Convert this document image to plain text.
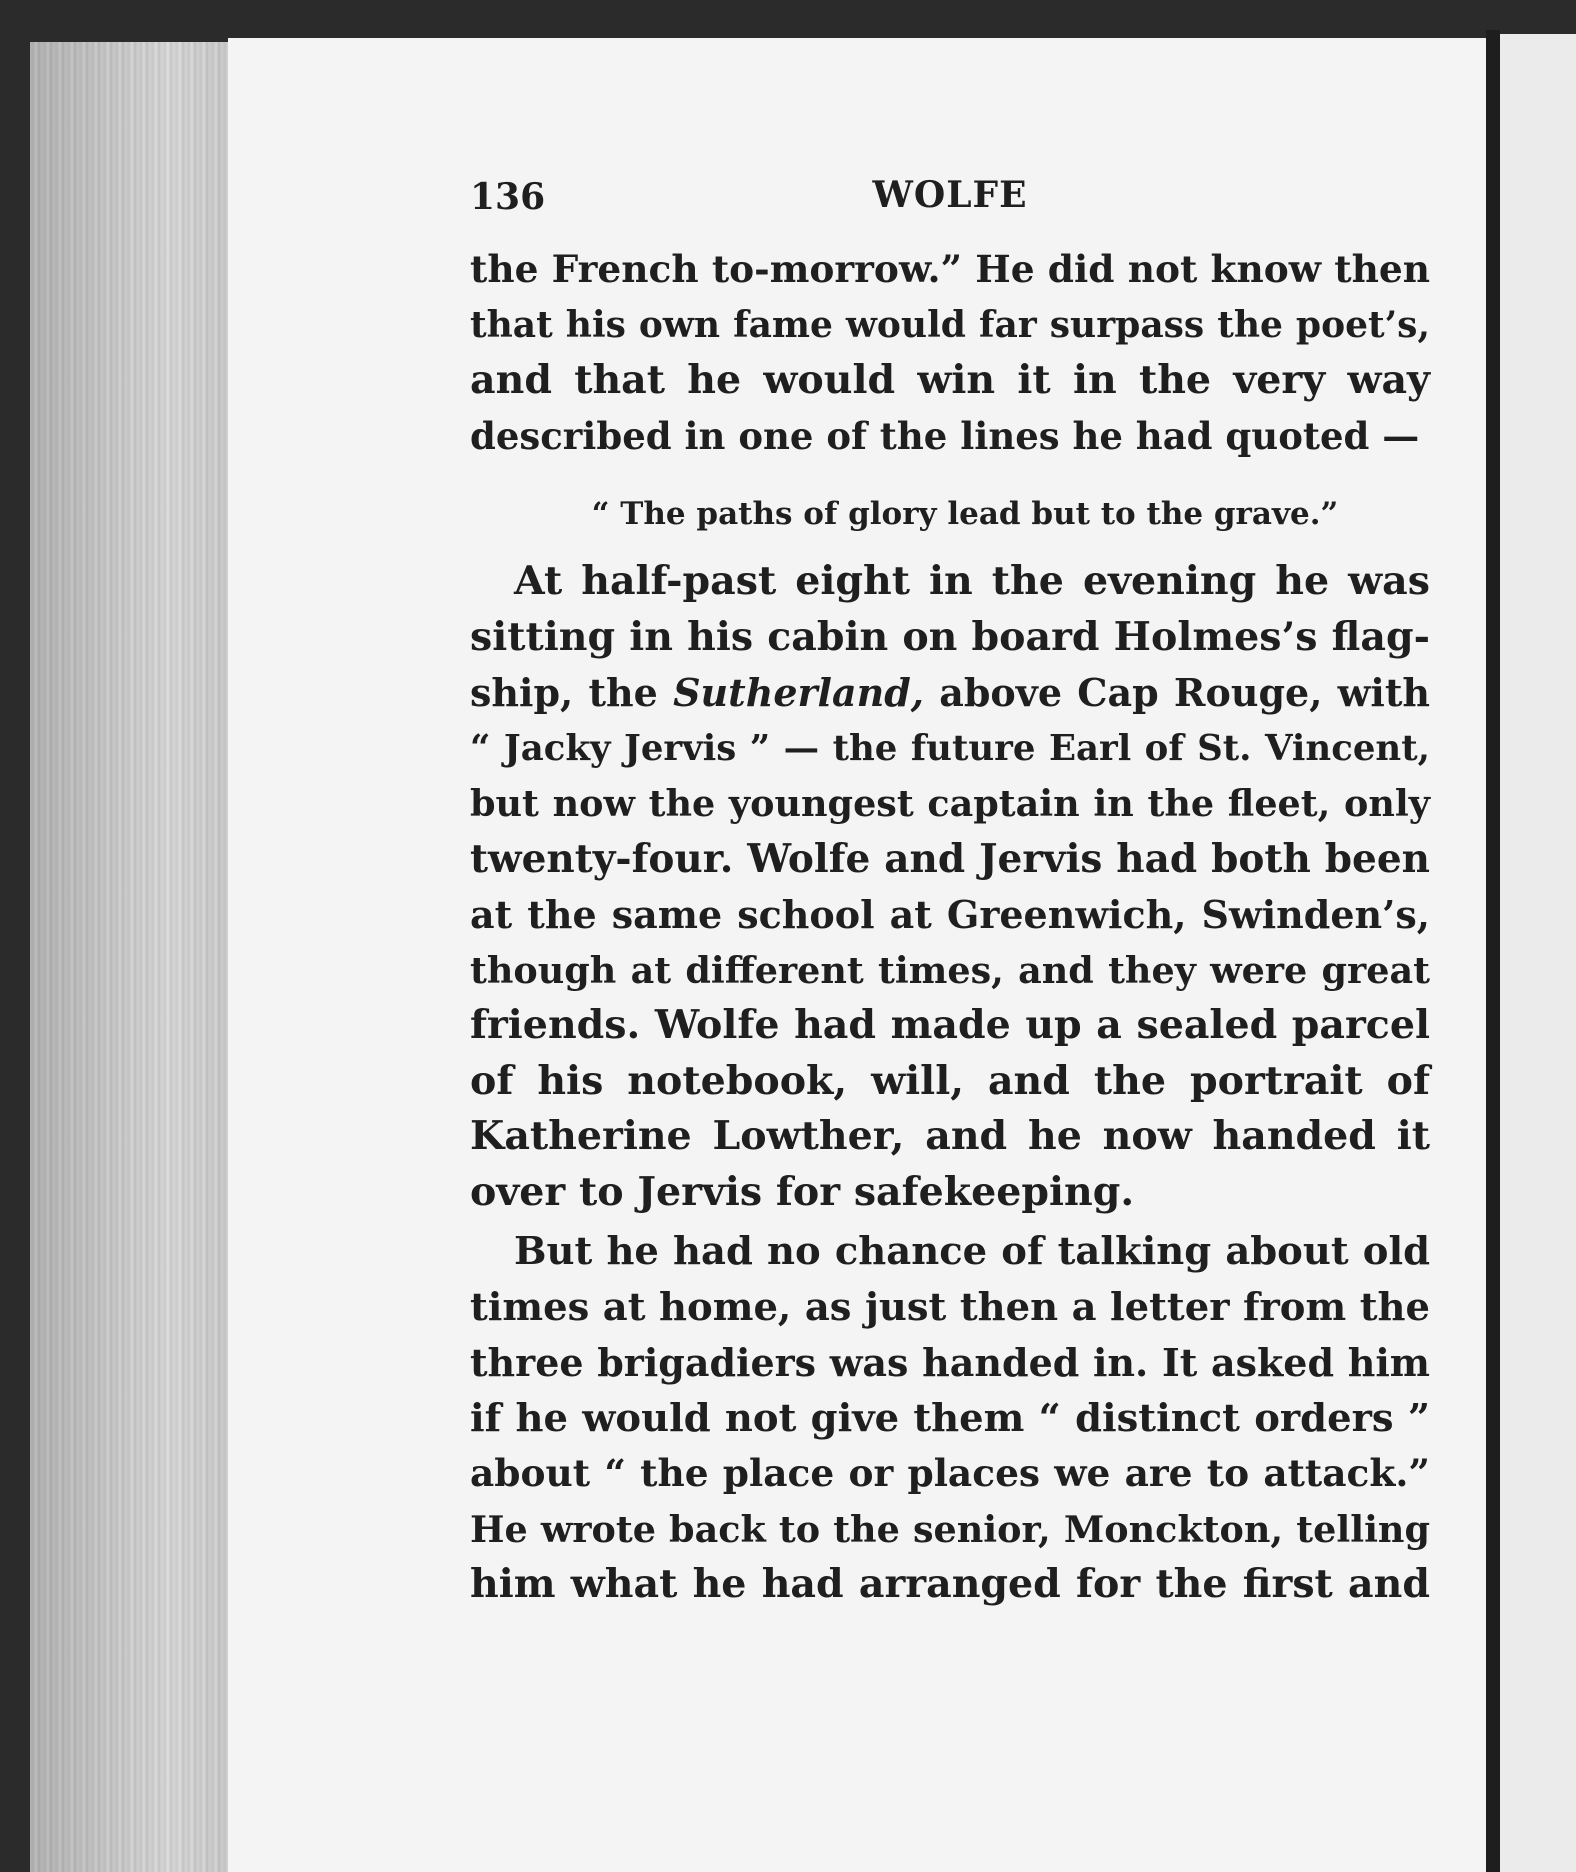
136	WOLFE

the French to-morrow.” He did not know then
that his own fame would far surpass the poet’s,
and that he would win it in the very way
described in one of the lines he had quoted —

“ The paths of glory lead but to the grave.”

At half-past eight in the evening he was
sitting in his cabin on board Holmes’s flag-
ship, the Sutherland, above Cap Rouge, with
“ Jacky Jervis ” — the future Earl of St. Vincent,
but now the youngest captain in the fleet, only
twenty-four. Wolfe and Jervis had both been
at the same school at Greenwich, Swinden’s,
though at different times, and they were great
friends. Wolfe had made up a sealed parcel
of his notebook, will, and the portrait of
Katherine Lowther, and he now handed it
over to Jervis for safekeeping.

But he had no chance of talking about old
times at home, as just then a letter from the
three brigadiers was handed in. It asked him
if he would not give them “ distinct orders ”
about “ the place or places we are to attack.”
He wrote back to the senior, Monckton, telling
him what he had arranged for the first and
